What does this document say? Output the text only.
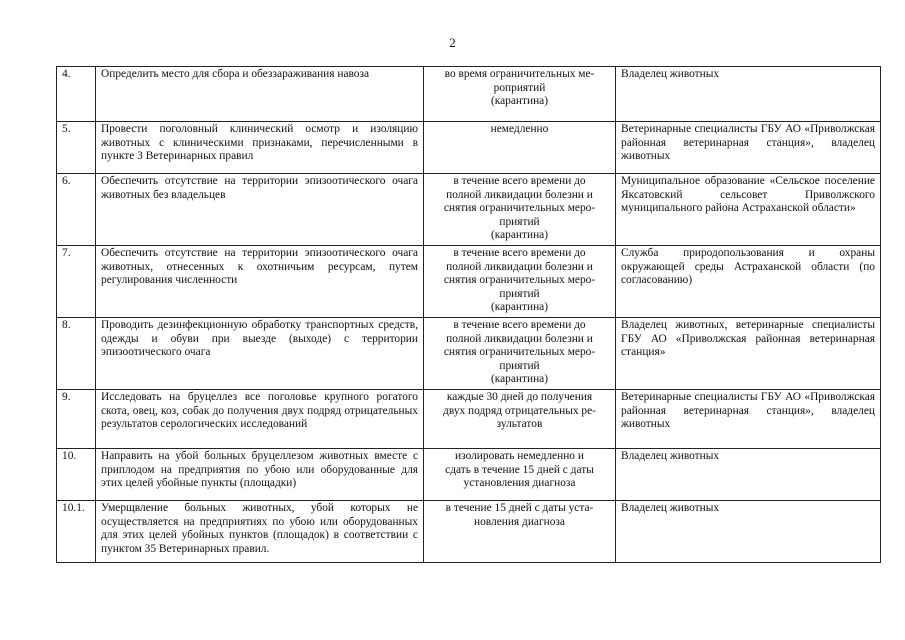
2
4.	Определить место для сбора и обеззараживания навоза	во время ограничительных ме-
роприятий
(карантина)	Владелец животных
5.	Провести поголовный клинический осмотр и изоляцию животных с клиническими признаками, перечисленными в пункте 3 Ветеринарных правил	немедленно	Ветеринарные специалисты ГБУ АО «Приволжская районная ветеринарная станция», владелец животных
6.	Обеспечить отсутствие на территории эпизоотического очага животных без владельцев	в течение всего времени до
полной ликвидации болезни и
снятия ограничительных меро-
приятий
(карантина)	Муниципальное образование «Сельское поселение Яксатовский сельсовет Приволжского муниципального района Астраханской области»
7.	Обеспечить отсутствие на территории эпизоотического очага животных, отнесенных к охотничьим ресурсам, путем регулирования численности	в течение всего времени до
полной ликвидации болезни и
снятия ограничительных меро-
приятий
(карантина)	Служба природопользования и охраны окружающей среды Астраханской области (по согласованию)
8.	Проводить дезинфекционную обработку транспортных средств, одежды и обуви при выезде (выходе) с территории эпизоотического очага	в течение всего времени до
полной ликвидации болезни и
снятия ограничительных меро-
приятий
(карантина)	Владелец животных, ветеринарные специалисты ГБУ АО «Приволжская районная ветеринарная станция»
9.	Исследовать на бруцеллез все поголовье крупного рогатого скота, овец, коз, собак до получения двух подряд отрицательных результатов серологических исследований	каждые 30 дней до получения
двух подряд отрицательных ре-
зультатов	Ветеринарные специалисты ГБУ АО «Приволжская районная ветеринарная станция», владелец животных
10.	Направить на убой больных бруцеллезом животных вместе с приплодом на предприятия по убою или оборудованные для этих целей убойные пункты (площадки)	изолировать немедленно и
сдать в течение 15 дней с даты
установления диагноза	Владелец животных
10.1.	Умерщвление больных животных, убой которых не осуществляется на предприятиях по убою или оборудованных для этих целей убойных пунктов (площадок) в соответствии с пунктом 35 Ветеринарных правил.	в течение 15 дней с даты уста-
новления диагноза	Владелец животных
